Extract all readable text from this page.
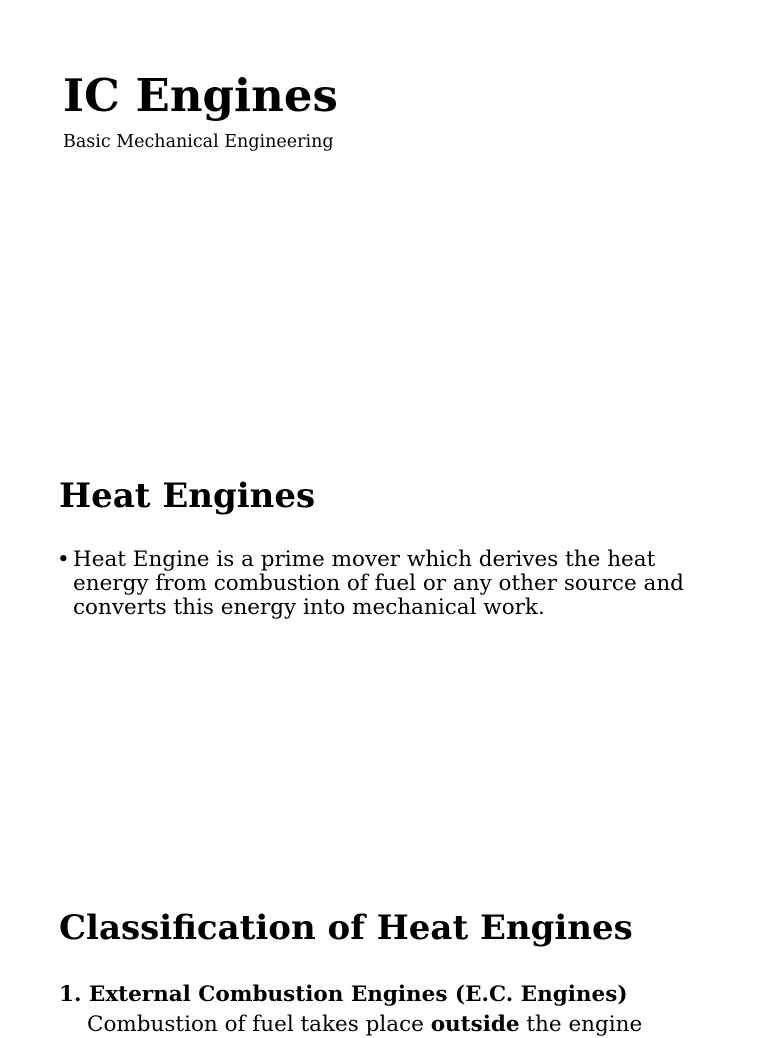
IC Engines

Basic Mechanical Engineering

Heat Engines
• Heat Engine is a prime mover which derives the heat energy from combustion of fuel or any other source and converts this energy into mechanical work.
Classification of Heat Engines

1. External Combustion Engines (E.C. Engines)

Combustion of fuel takes place outside the engine
